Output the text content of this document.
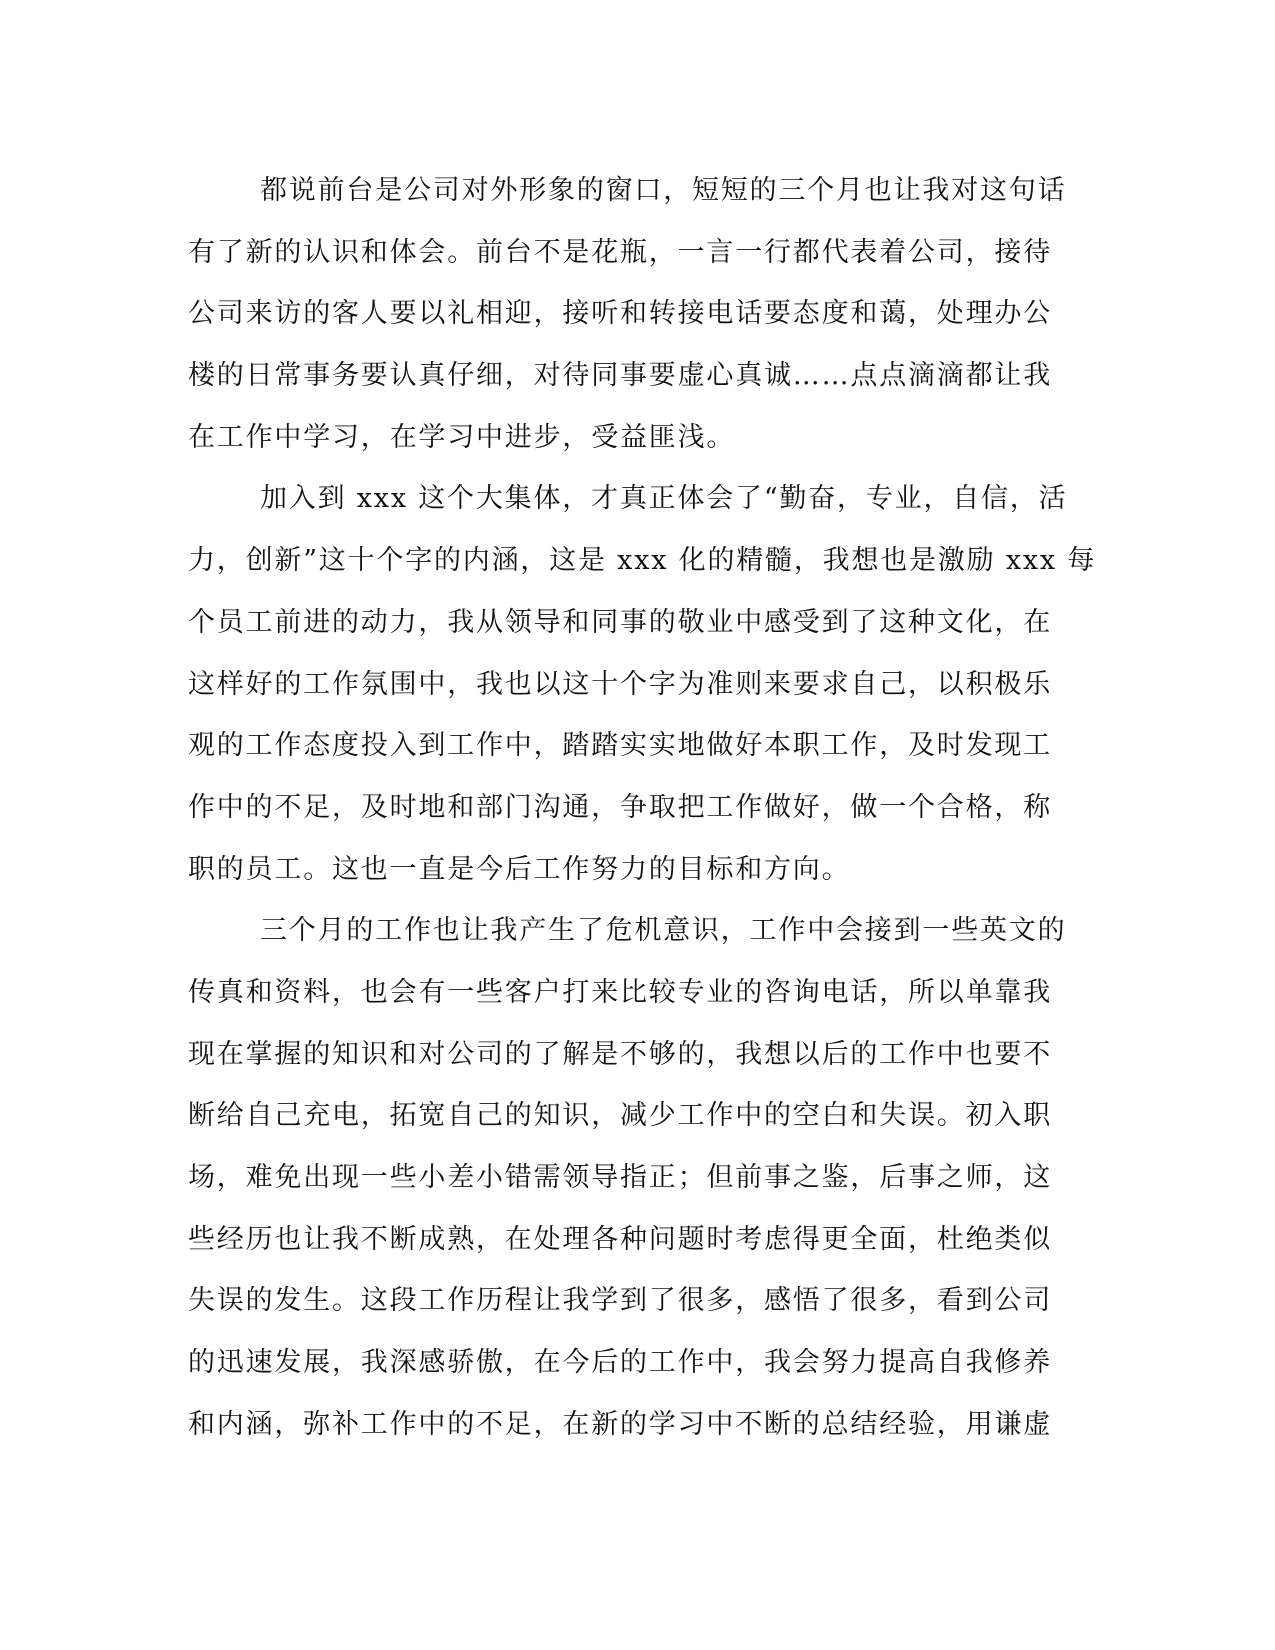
都说前台是公司对外形象的窗口，短短的三个月也让我对这句话
有了新的认识和体会。前台不是花瓶，一言一行都代表着公司，接待
公司来访的客人要以礼相迎，接听和转接电话要态度和蔼，处理办公
楼的日常事务要认真仔细，对待同事要虚心真诚……点点滴滴都让我
在工作中学习，在学习中进步，受益匪浅。
加入到 xxx 这个大集体，才真正体会了“勤奋，专业，自信，活
力，创新”这十个字的内涵，这是 xxx 化的精髓，我想也是激励 xxx 每
个员工前进的动力，我从领导和同事的敬业中感受到了这种文化，在
这样好的工作氛围中，我也以这十个字为准则来要求自己，以积极乐
观的工作态度投入到工作中，踏踏实实地做好本职工作，及时发现工
作中的不足，及时地和部门沟通，争取把工作做好，做一个合格，称
职的员工。这也一直是今后工作努力的目标和方向。
三个月的工作也让我产生了危机意识，工作中会接到一些英文的
传真和资料，也会有一些客户打来比较专业的咨询电话，所以单靠我
现在掌握的知识和对公司的了解是不够的，我想以后的工作中也要不
断给自己充电，拓宽自己的知识，减少工作中的空白和失误。初入职
场，难免出现一些小差小错需领导指正；但前事之鉴，后事之师，这
些经历也让我不断成熟，在处理各种问题时考虑得更全面，杜绝类似
失误的发生。这段工作历程让我学到了很多，感悟了很多，看到公司
的迅速发展，我深感骄傲，在今后的工作中，我会努力提高自我修养
和内涵，弥补工作中的不足，在新的学习中不断的总结经验，用谦虚
